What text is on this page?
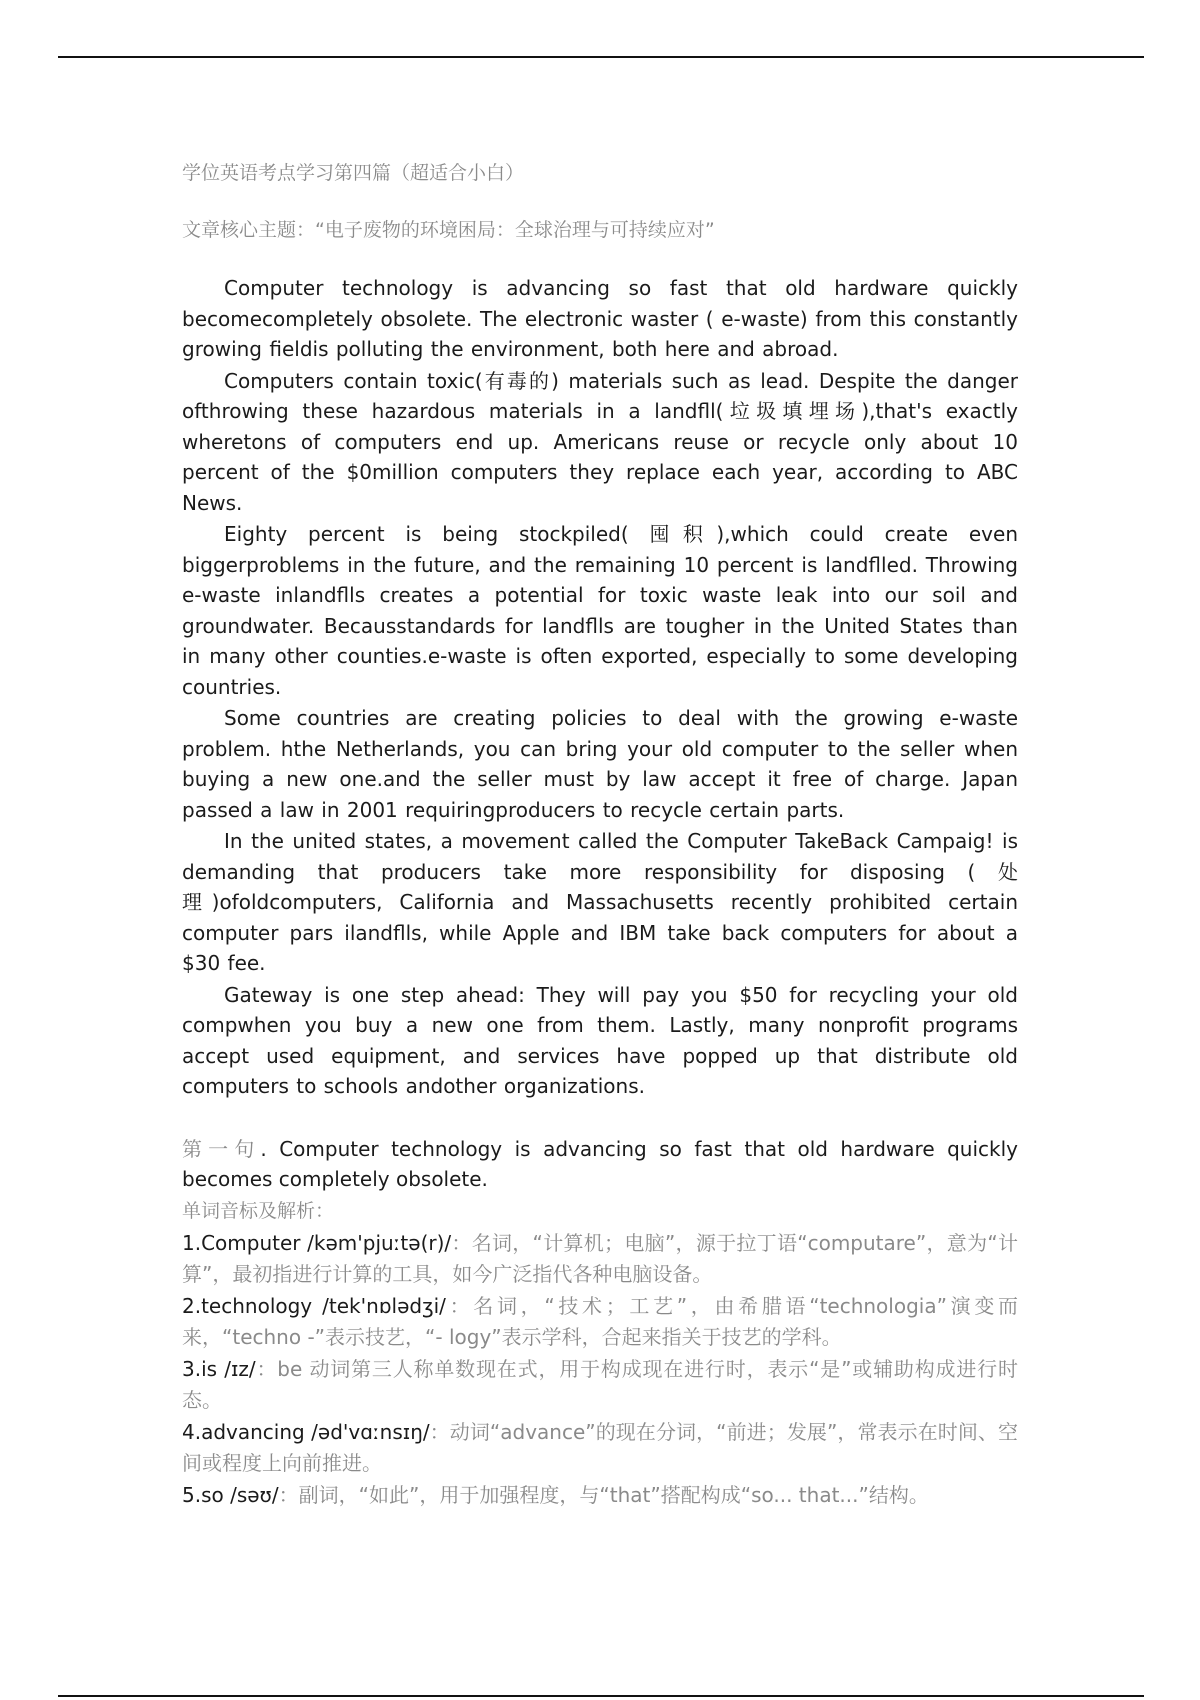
学位英语考点学习第四篇（超适合小白）

文章核心主题：“电子废物的环境困局：全球治理与可持续应对”

Computer technology is advancing so fast that old hardware quickly becomecompletely obsolete. The electronic waster ( e-waste) from this constantly growing fieldis polluting the environment, both here and abroad.

Computers contain toxic(有毒的) materials such as lead. Despite the danger ofthrowing these hazardous materials in a landfll(垃圾填埋场),that's exactly wheretons of computers end up. Americans reuse or recycle only about 10 percent of the $0million computers they replace each year, according to ABC News.

Eighty percent is being stockpiled( 囤积),which could create even biggerproblems in the future, and the remaining 10 percent is landflled. Throwing e-waste inlandflls creates a potential for toxic waste leak into our soil and groundwater. Becausstandards for landflls are tougher in the United States than in many other counties.e-waste is often exported, especially to some developing countries.

Some countries are creating policies to deal with the growing e-waste problem. hthe Netherlands, you can bring your old computer to the seller when buying a new one.and the seller must by law accept it free of charge. Japan passed a law in 2001 requiringproducers to recycle certain parts.

In the united states, a movement called the Computer TakeBack Campaig! is demanding that producers take more responsibility for disposing ( 处理)ofoldcomputers, California and Massachusetts recently prohibited certain computer pars ilandflls, while Apple and IBM take back computers for about a $30 fee.

Gateway is one step ahead: They will pay you $50 for recycling your old compwhen you buy a new one from them. Lastly, many nonprofit programs accept used equipment, and services have popped up that distribute old computers to schools andother organizations.

第一句. Computer technology is advancing so fast that old hardware quickly becomes completely obsolete.

单词音标及解析：

1.Computer /kəm'pjuːtə(r)/：名词，“计算机；电脑”，源于拉丁语“computare”，意为“计算”，最初指进行计算的工具，如今广泛指代各种电脑设备。
2.technology /tek'nɒlədʒi/：名词，“技术；工艺”，由希腊语“technologia”演变而来，“techno -”表示技艺，“- logy”表示学科，合起来指关于技艺的学科。
3.is /ɪz/：be 动词第三人称单数现在式，用于构成现在进行时，表示“是”或辅助构成进行时态。
4.advancing /əd'vɑːnsɪŋ/：动词“advance”的现在分词，“前进；发展”，常表示在时间、空间或程度上向前推进。
5.so /səʊ/：副词，“如此”，用于加强程度，与“that”搭配构成“so... that...”结构。
